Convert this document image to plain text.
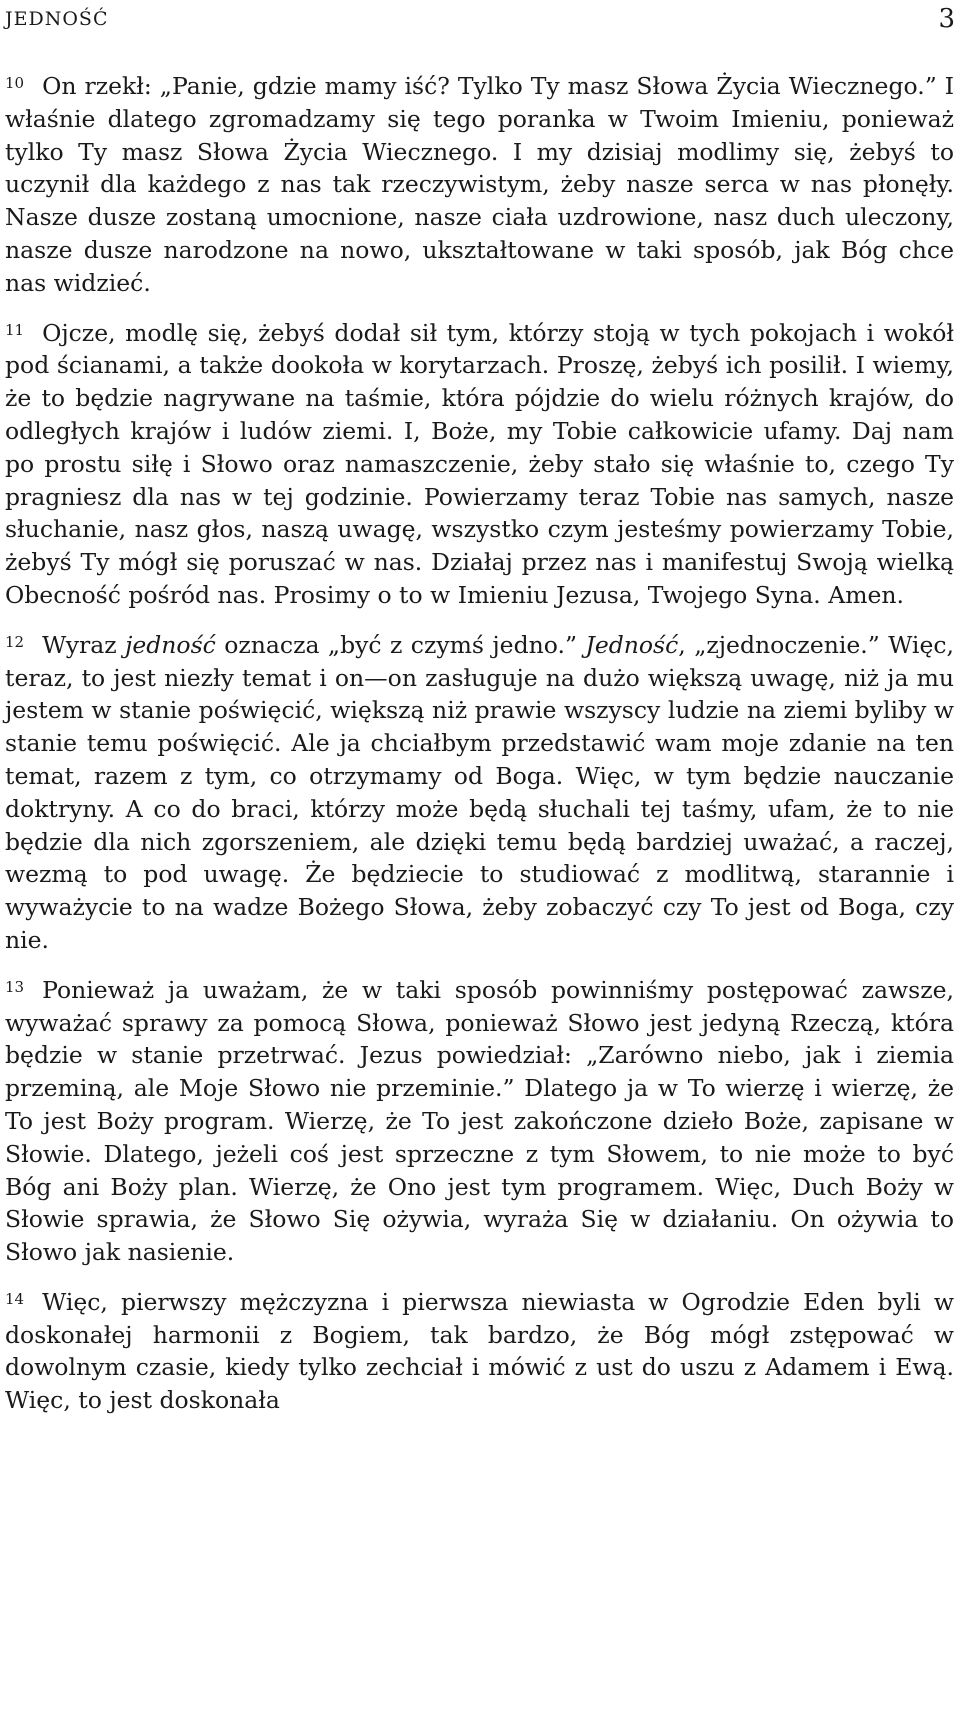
JEDNOŚĆ	3

$^{10}$ On rzekł: „Panie, gdzie mamy iść? Tylko Ty masz Słowa Życia Wiecznego.” I właśnie dlatego zgromadzamy się tego poranka w Twoim Imieniu, ponieważ tylko Ty masz Słowa Życia Wiecznego. I my dzisiaj modlimy się, żebyś to uczynił dla każdego z nas tak rzeczywistym, żeby nasze serca w nas płonęły. Nasze dusze zostaną umocnione, nasze ciała uzdrowione, nasz duch uleczony, nasze dusze narodzone na nowo, ukształtowane w taki sposób, jak Bóg chce nas widzieć.

$^{11}$ Ojcze, modlę się, żebyś dodał sił tym, którzy stoją w tych pokojach i wokół pod ścianami, a także dookoła w korytarzach. Proszę, żebyś ich posilił. I wiemy, że to będzie nagrywane na taśmie, która pójdzie do wielu różnych krajów, do odległych krajów i ludów ziemi. I, Boże, my Tobie całkowicie ufamy. Daj nam po prostu siłę i Słowo oraz namaszczenie, żeby stało się właśnie to, czego Ty pragniesz dla nas w tej godzinie. Powierzamy teraz Tobie nas samych, nasze słuchanie, nasz głos, naszą uwagę, wszystko czym jesteśmy powierzamy Tobie, żebyś Ty mógł się poruszać w nas. Działaj przez nas i manifestuj Swoją wielką Obecność pośród nas. Prosimy o to w Imieniu Jezusa, Twojego Syna. Amen.

$^{12}$ Wyraz jedność oznacza „być z czymś jedno.” Jedność, „zjednoczenie.” Więc, teraz, to jest niezły temat i on—on zasługuje na dużo większą uwagę, niż ja mu jestem w stanie poświęcić, większą niż prawie wszyscy ludzie na ziemi byliby w stanie temu poświęcić. Ale ja chciałbym przedstawić wam moje zdanie na ten temat, razem z tym, co otrzymamy od Boga. Więc, w tym będzie nauczanie doktryny. A co do braci, którzy może będą słuchali tej taśmy, ufam, że to nie będzie dla nich zgorszeniem, ale dzięki temu będą bardziej uważać, a raczej, wezmą to pod uwagę. Że będziecie to studiować z modlitwą, starannie i wyważycie to na wadze Bożego Słowa, żeby zobaczyć czy To jest od Boga, czy nie.

$^{13}$ Ponieważ ja uważam, że w taki sposób powinniśmy postępować zawsze, wyważać sprawy za pomocą Słowa, ponieważ Słowo jest jedyną Rzeczą, która będzie w stanie przetrwać. Jezus powiedział: „Zarówno niebo, jak i ziemia przeminą, ale Moje Słowo nie przeminie.” Dlatego ja w To wierzę i wierzę, że To jest Boży program. Wierzę, że To jest zakończone dzieło Boże, zapisane w Słowie. Dlatego, jeżeli coś jest sprzeczne z tym Słowem, to nie może to być Bóg ani Boży plan. Wierzę, że Ono jest tym programem. Więc, Duch Boży w Słowie sprawia, że Słowo Się ożywia, wyraża Się w działaniu. On ożywia to Słowo jak nasienie.

$^{14}$ Więc, pierwszy mężczyzna i pierwsza niewiasta w Ogrodzie Eden byli w doskonałej harmonii z Bogiem, tak bardzo, że Bóg mógł zstępować w dowolnym czasie, kiedy tylko zechciał i mówić z ust do uszu z Adamem i Ewą. Więc, to jest doskonała
